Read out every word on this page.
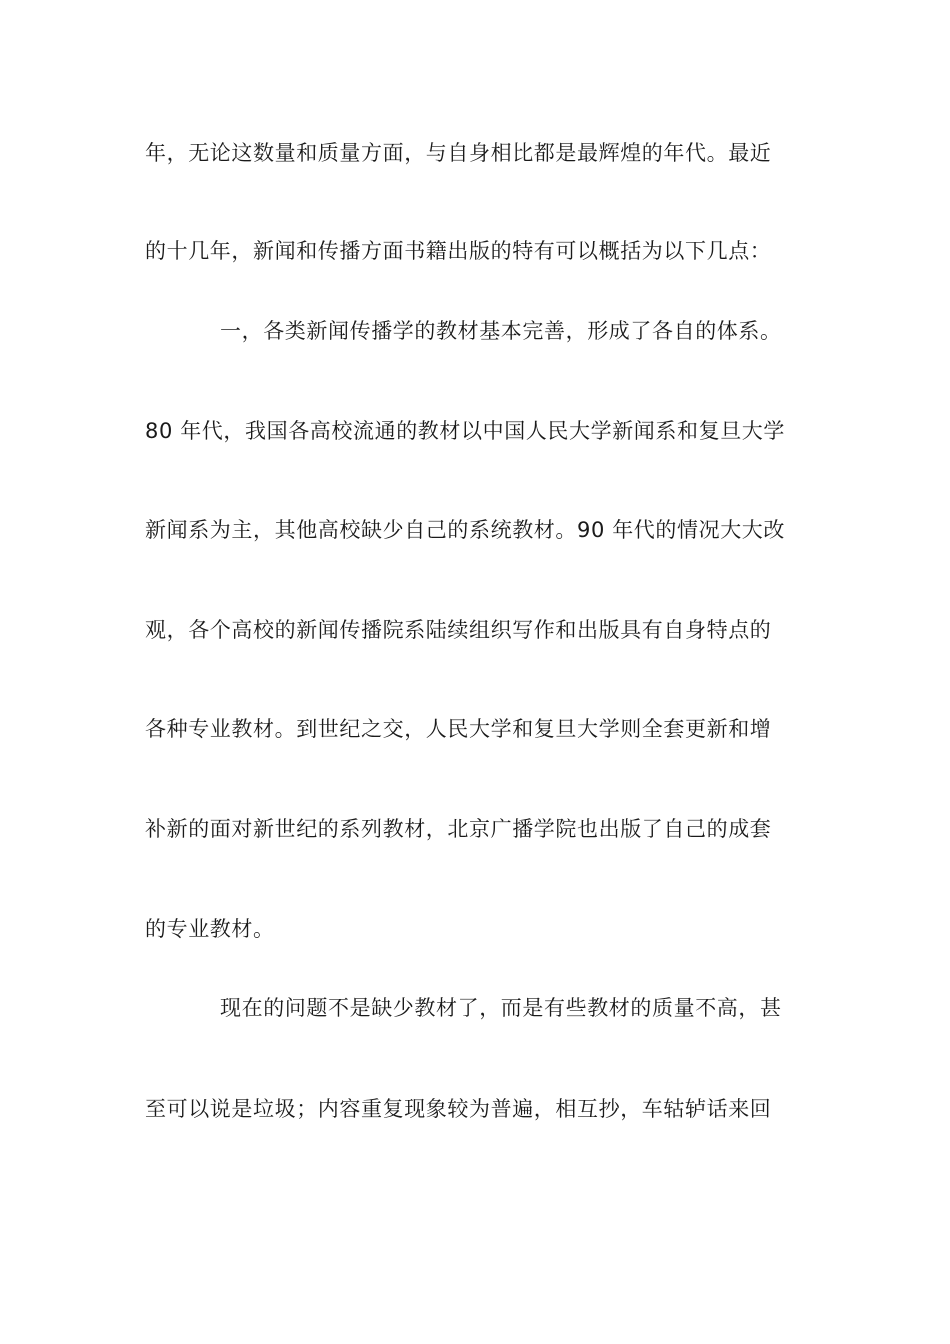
年，无论这数量和质量方面，与自身相比都是最辉煌的年代。最近
的十几年，新闻和传播方面书籍出版的特有可以概括为以下几点：
一，各类新闻传播学的教材基本完善，形成了各自的体系。
80 年代，我国各高校流通的教材以中国人民大学新闻系和复旦大学
新闻系为主，其他高校缺少自己的系统教材。90 年代的情况大大改
观，各个高校的新闻传播院系陆续组织写作和出版具有自身特点的
各种专业教材。到世纪之交，人民大学和复旦大学则全套更新和增
补新的面对新世纪的系列教材，北京广播学院也出版了自己的成套
的专业教材。
现在的问题不是缺少教材了，而是有些教材的质量不高，甚
至可以说是垃圾；内容重复现象较为普遍，相互抄，车轱轳话来回
